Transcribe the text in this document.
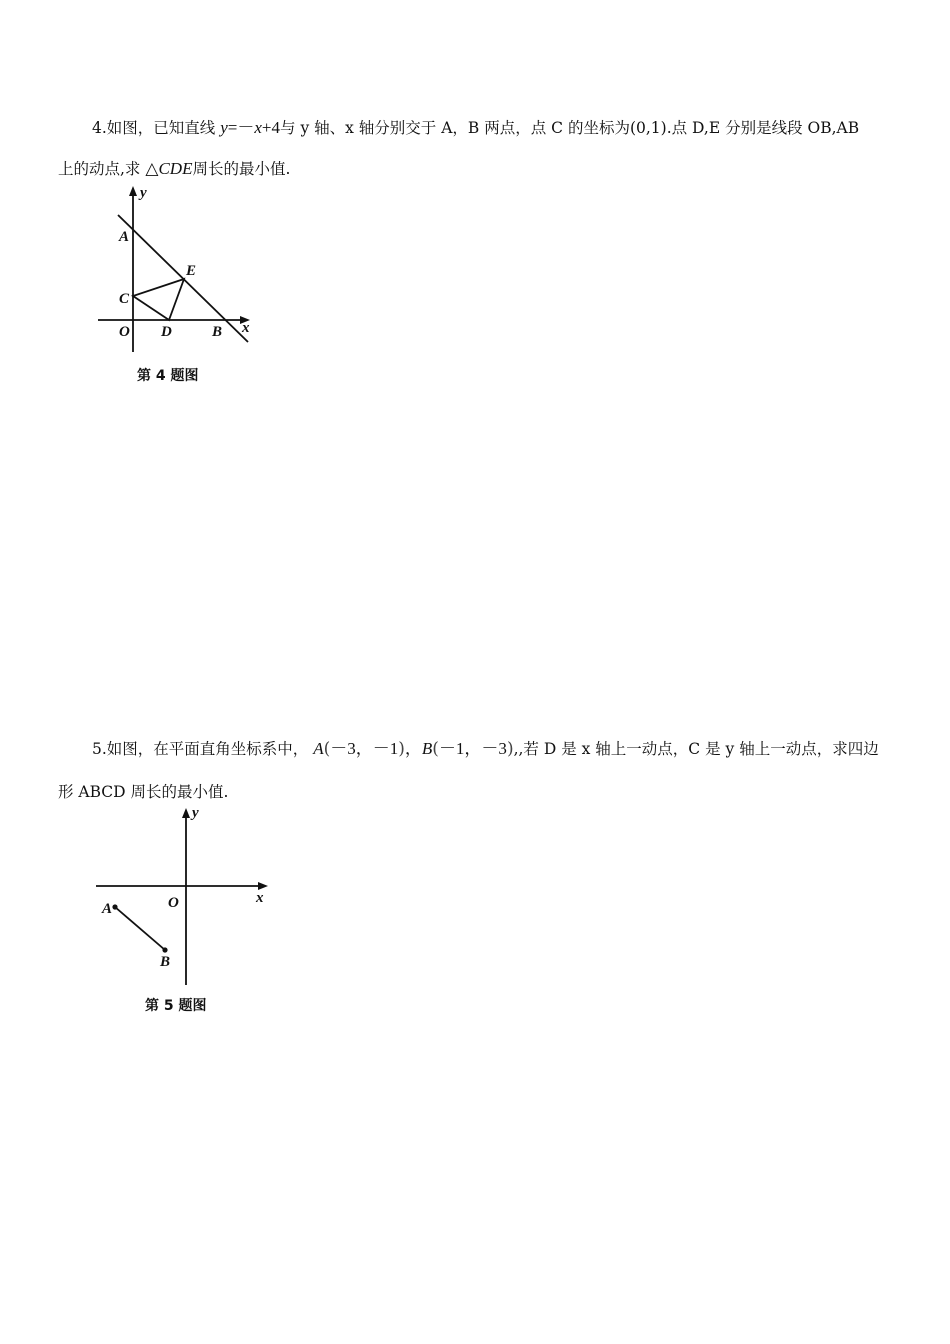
4.如图，已知直线 y=－x+4与 y 轴、x 轴分别交于 A，B 两点，点 C 的坐标为(0,1).点 D,E 分别是线段 OB,AB
上的动点,求 △CDE周长的最小值.
y
x
A
B
C
D
E
O
第 4 题图
5.如图，在平面直角坐标系中， A(－3，－1)，B(－1，－3),,若 D 是 x 轴上一动点，C 是 y 轴上一动点，求四边
形 ABCD 周长的最小值.
y
x
O
A
B
第 5 题图
